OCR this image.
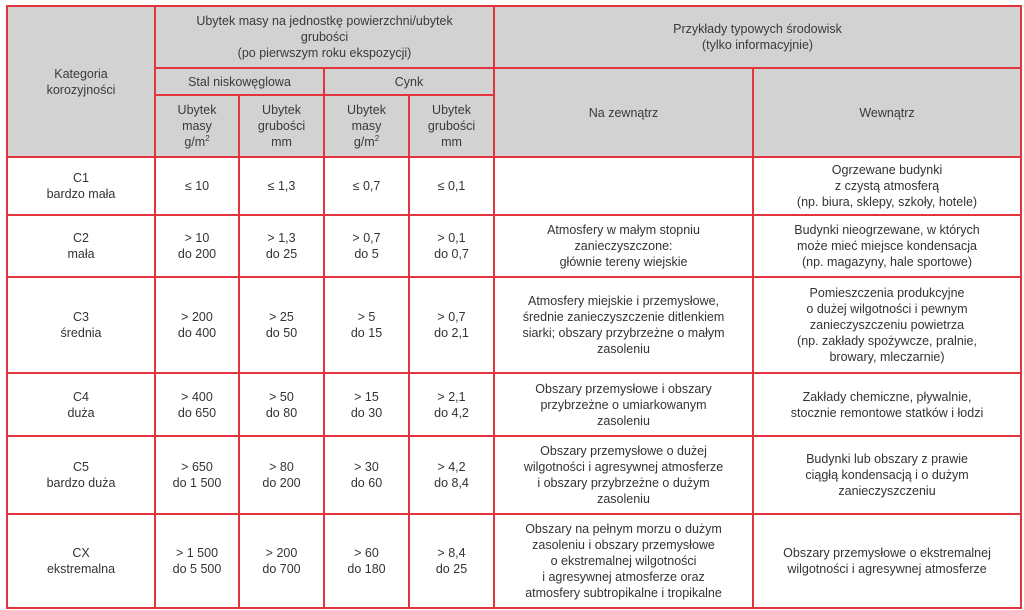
Kategoria
korozyjności	Ubytek masy na jednostkę powierzchni/ubytek
grubości
(po pierwszym roku ekspozycji)				Przykłady typowych środowisk
(tylko informacyjnie)	

	Stal niskowęglowa		Cynk		Na zewnątrz	Wewnątrz

	Ubytek
masy
$g/m^2$	Ubytek
grubości
mm	Ubytek
masy
$g/m^2$	Ubytek
grubości
mm		

C1
bardzo mała	≤ 10	≤ 1,3	≤ 0,7	≤ 0,1		Ogrzewane budynki
z czystą atmosferą
(np. biura, sklepy, szkoły, hotele)

C2
mała	> 10
do 200	> 1,3
do 25	> 0,7
do 5	> 0,1
do 0,7	Atmosfery w małym stopniu
zanieczyszczone:
głównie tereny wiejskie	Budynki nieogrzewane, w których
może mieć miejsce kondensacja
(np. magazyny, hale sportowe)

C3
średnia	> 200
do 400	> 25
do 50	> 5
do 15	> 0,7
do 2,1	Atmosfery miejskie i przemysłowe,
średnie zanieczyszczenie ditlenkiem
siarki; obszary przybrzeżne o małym
zasoleniu	Pomieszczenia produkcyjne
o dużej wilgotności i pewnym
zanieczyszczeniu powietrza
(np. zakłady spożywcze, pralnie,
browary, mleczarnie)

C4
duża	> 400
do 650	> 50
do 80	> 15
do 30	> 2,1
do 4,2	Obszary przemysłowe i obszary
przybrzeżne o umiarkowanym
zasoleniu	Zakłady chemiczne, pływalnie,
stocznie remontowe statków i łodzi

C5
bardzo duża	> 650
do 1 500	> 80
do 200	> 30
do 60	> 4,2
do 8,4	Obszary przemysłowe o dużej
wilgotności i agresywnej atmosferze
i obszary przybrzeżne o dużym
zasoleniu	Budynki lub obszary z prawie
ciągłą kondensacją i o dużym
zanieczyszczeniu

CX
ekstremalna	> 1 500
do 5 500	> 200
do 700	> 60
do 180	> 8,4
do 25	Obszary na pełnym morzu o dużym
zasoleniu i obszary przemysłowe
o ekstremalnej wilgotności
i agresywnej atmosferze oraz
atmosfery subtropikalne i tropikalne	Obszary przemysłowe o ekstremalnej
wilgotności i agresywnej atmosferze
